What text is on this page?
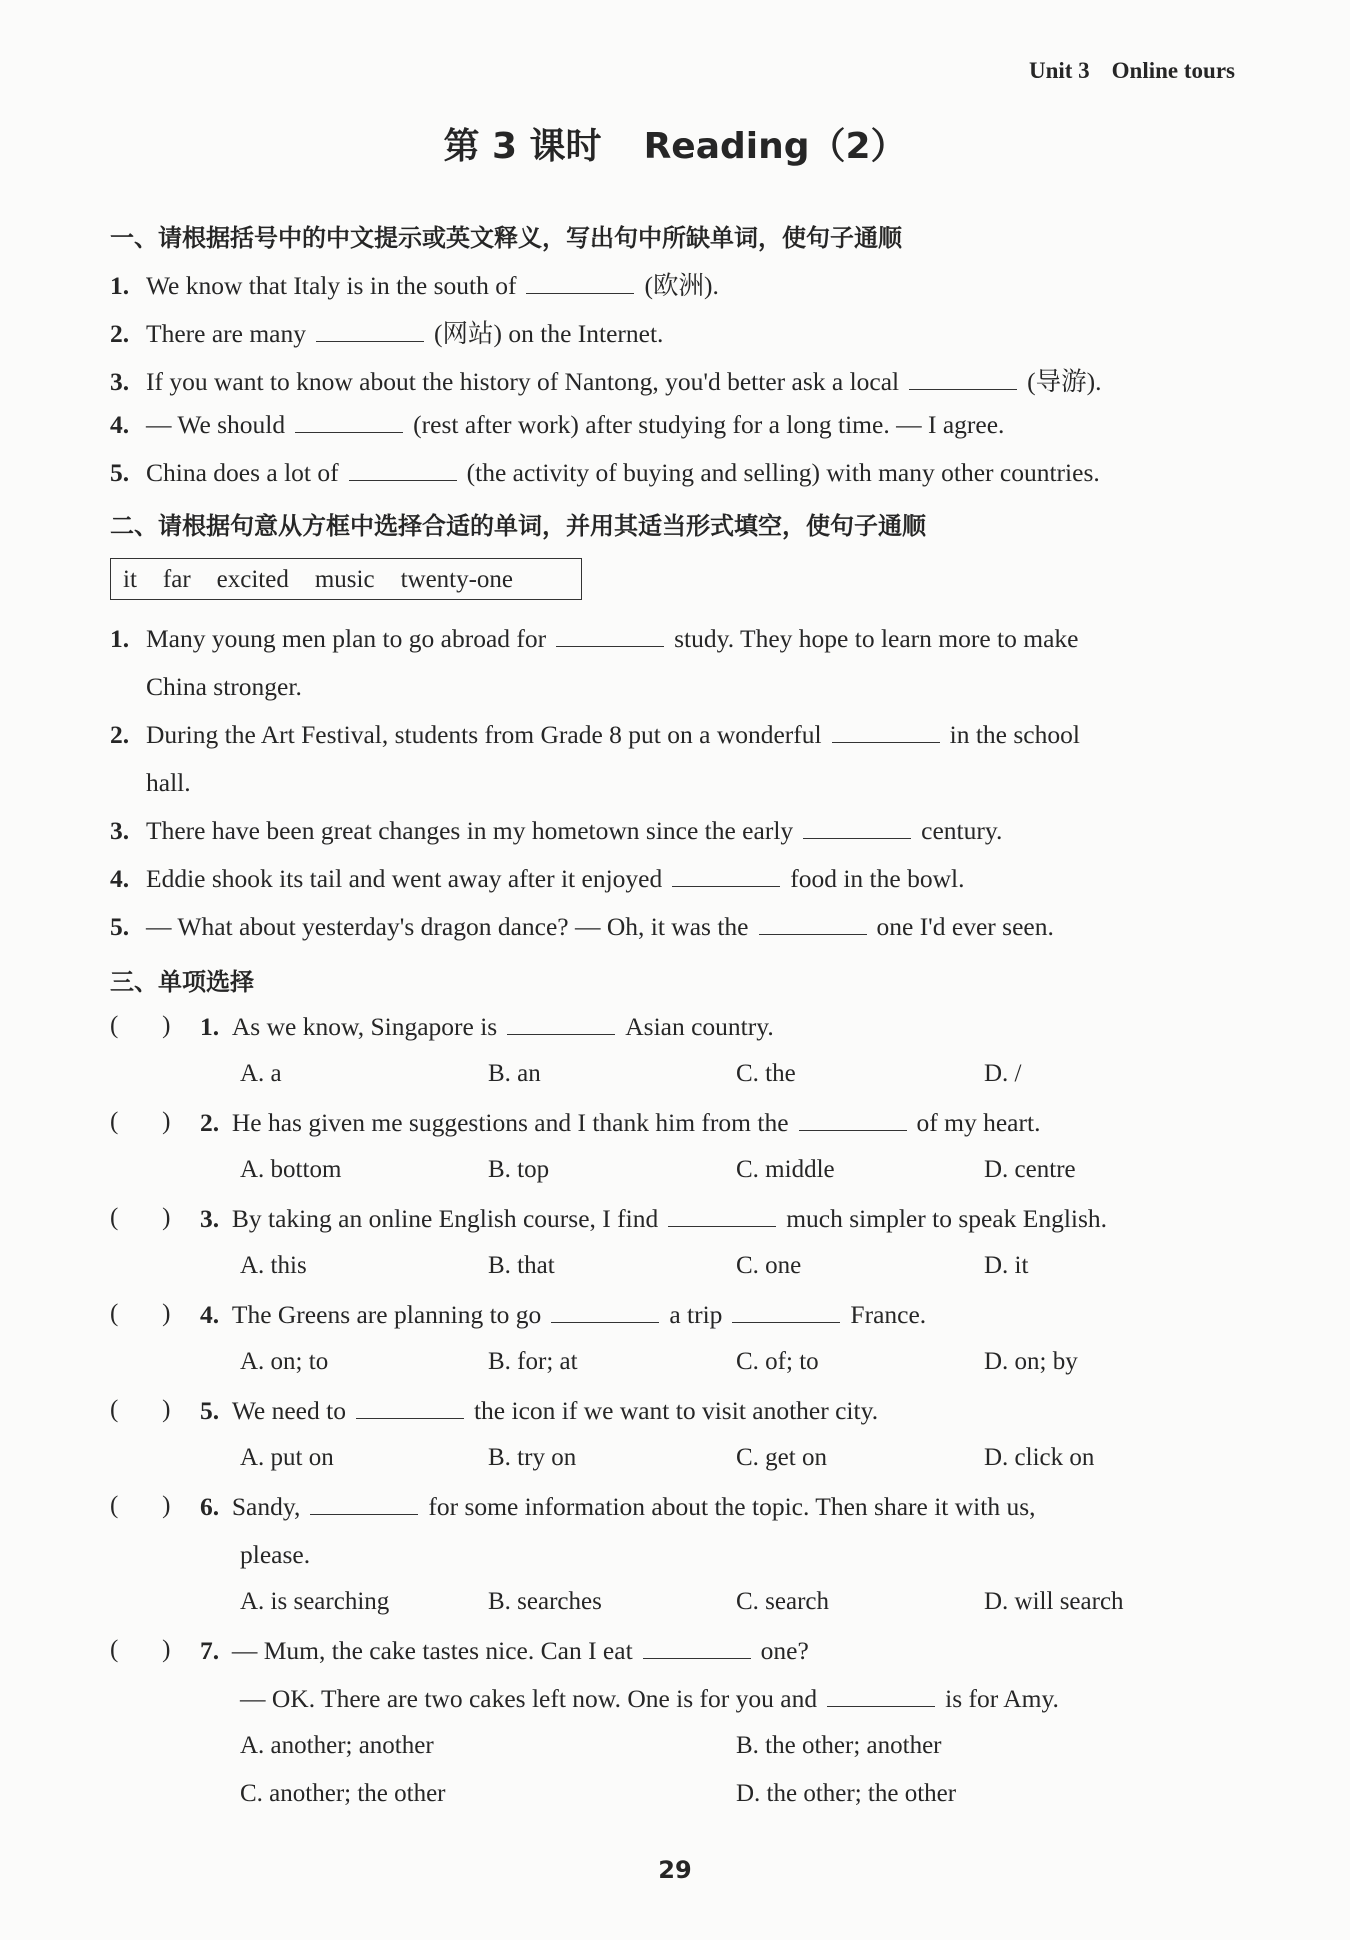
Unit 3 Online tours
第 3 课时 Reading（2）
一、请根据括号中的中文提示或英文释义，写出句中所缺单词，使句子通顺
1. We know that Italy is in the south of	(欧洲).
2. There are many	(网站) on the Internet.
3. If you want to know about the history of Nantong, you'd better ask a local	(导游).
4. — We should	(rest after work) after studying for a long time. — I agree.
5. China does a lot of	(the activity of buying and selling) with many other countries.
二、请根据句意从方框中选择合适的单词，并用其适当形式填空，使句子通顺
it far excited music twenty-one
1. Many young men plan to go abroad for	study. They hope to learn more to make
China stronger.
2. During the Art Festival, students from Grade 8 put on a wonderful	in the school
hall.
3. There have been great changes in my hometown since the early	century.
4. Eddie shook its tail and went away after it enjoyed	food in the bowl.
5. — What about yesterday's dragon dance? — Oh, it was the	one I'd ever seen.
三、单项选择
(       ) 1. As we know, Singapore is	Asian country.
A. a	B. an	C. the	D. /
(       ) 2. He has given me suggestions and I thank him from the	of my heart.
A. bottom	B. top	C. middle	D. centre
(       ) 3. By taking an online English course, I find	much simpler to speak English.
A. this	B. that	C. one	D. it
(       ) 4. The Greens are planning to go	a trip	France.
A. on; to	B. for; at	C. of; to	D. on; by
(       ) 5. We need to	the icon if we want to visit another city.
A. put on	B. try on	C. get on	D. click on
(       ) 6. Sandy,	for some information about the topic. Then share it with us,
please.
A. is searching	B. searches	C. search	D. will search
(       ) 7. — Mum, the cake tastes nice. Can I eat	one?
— OK. There are two cakes left now. One is for you and	is for Amy.
A. another; another	B. the other; another
C. another; the other	D. the other; the other
29
